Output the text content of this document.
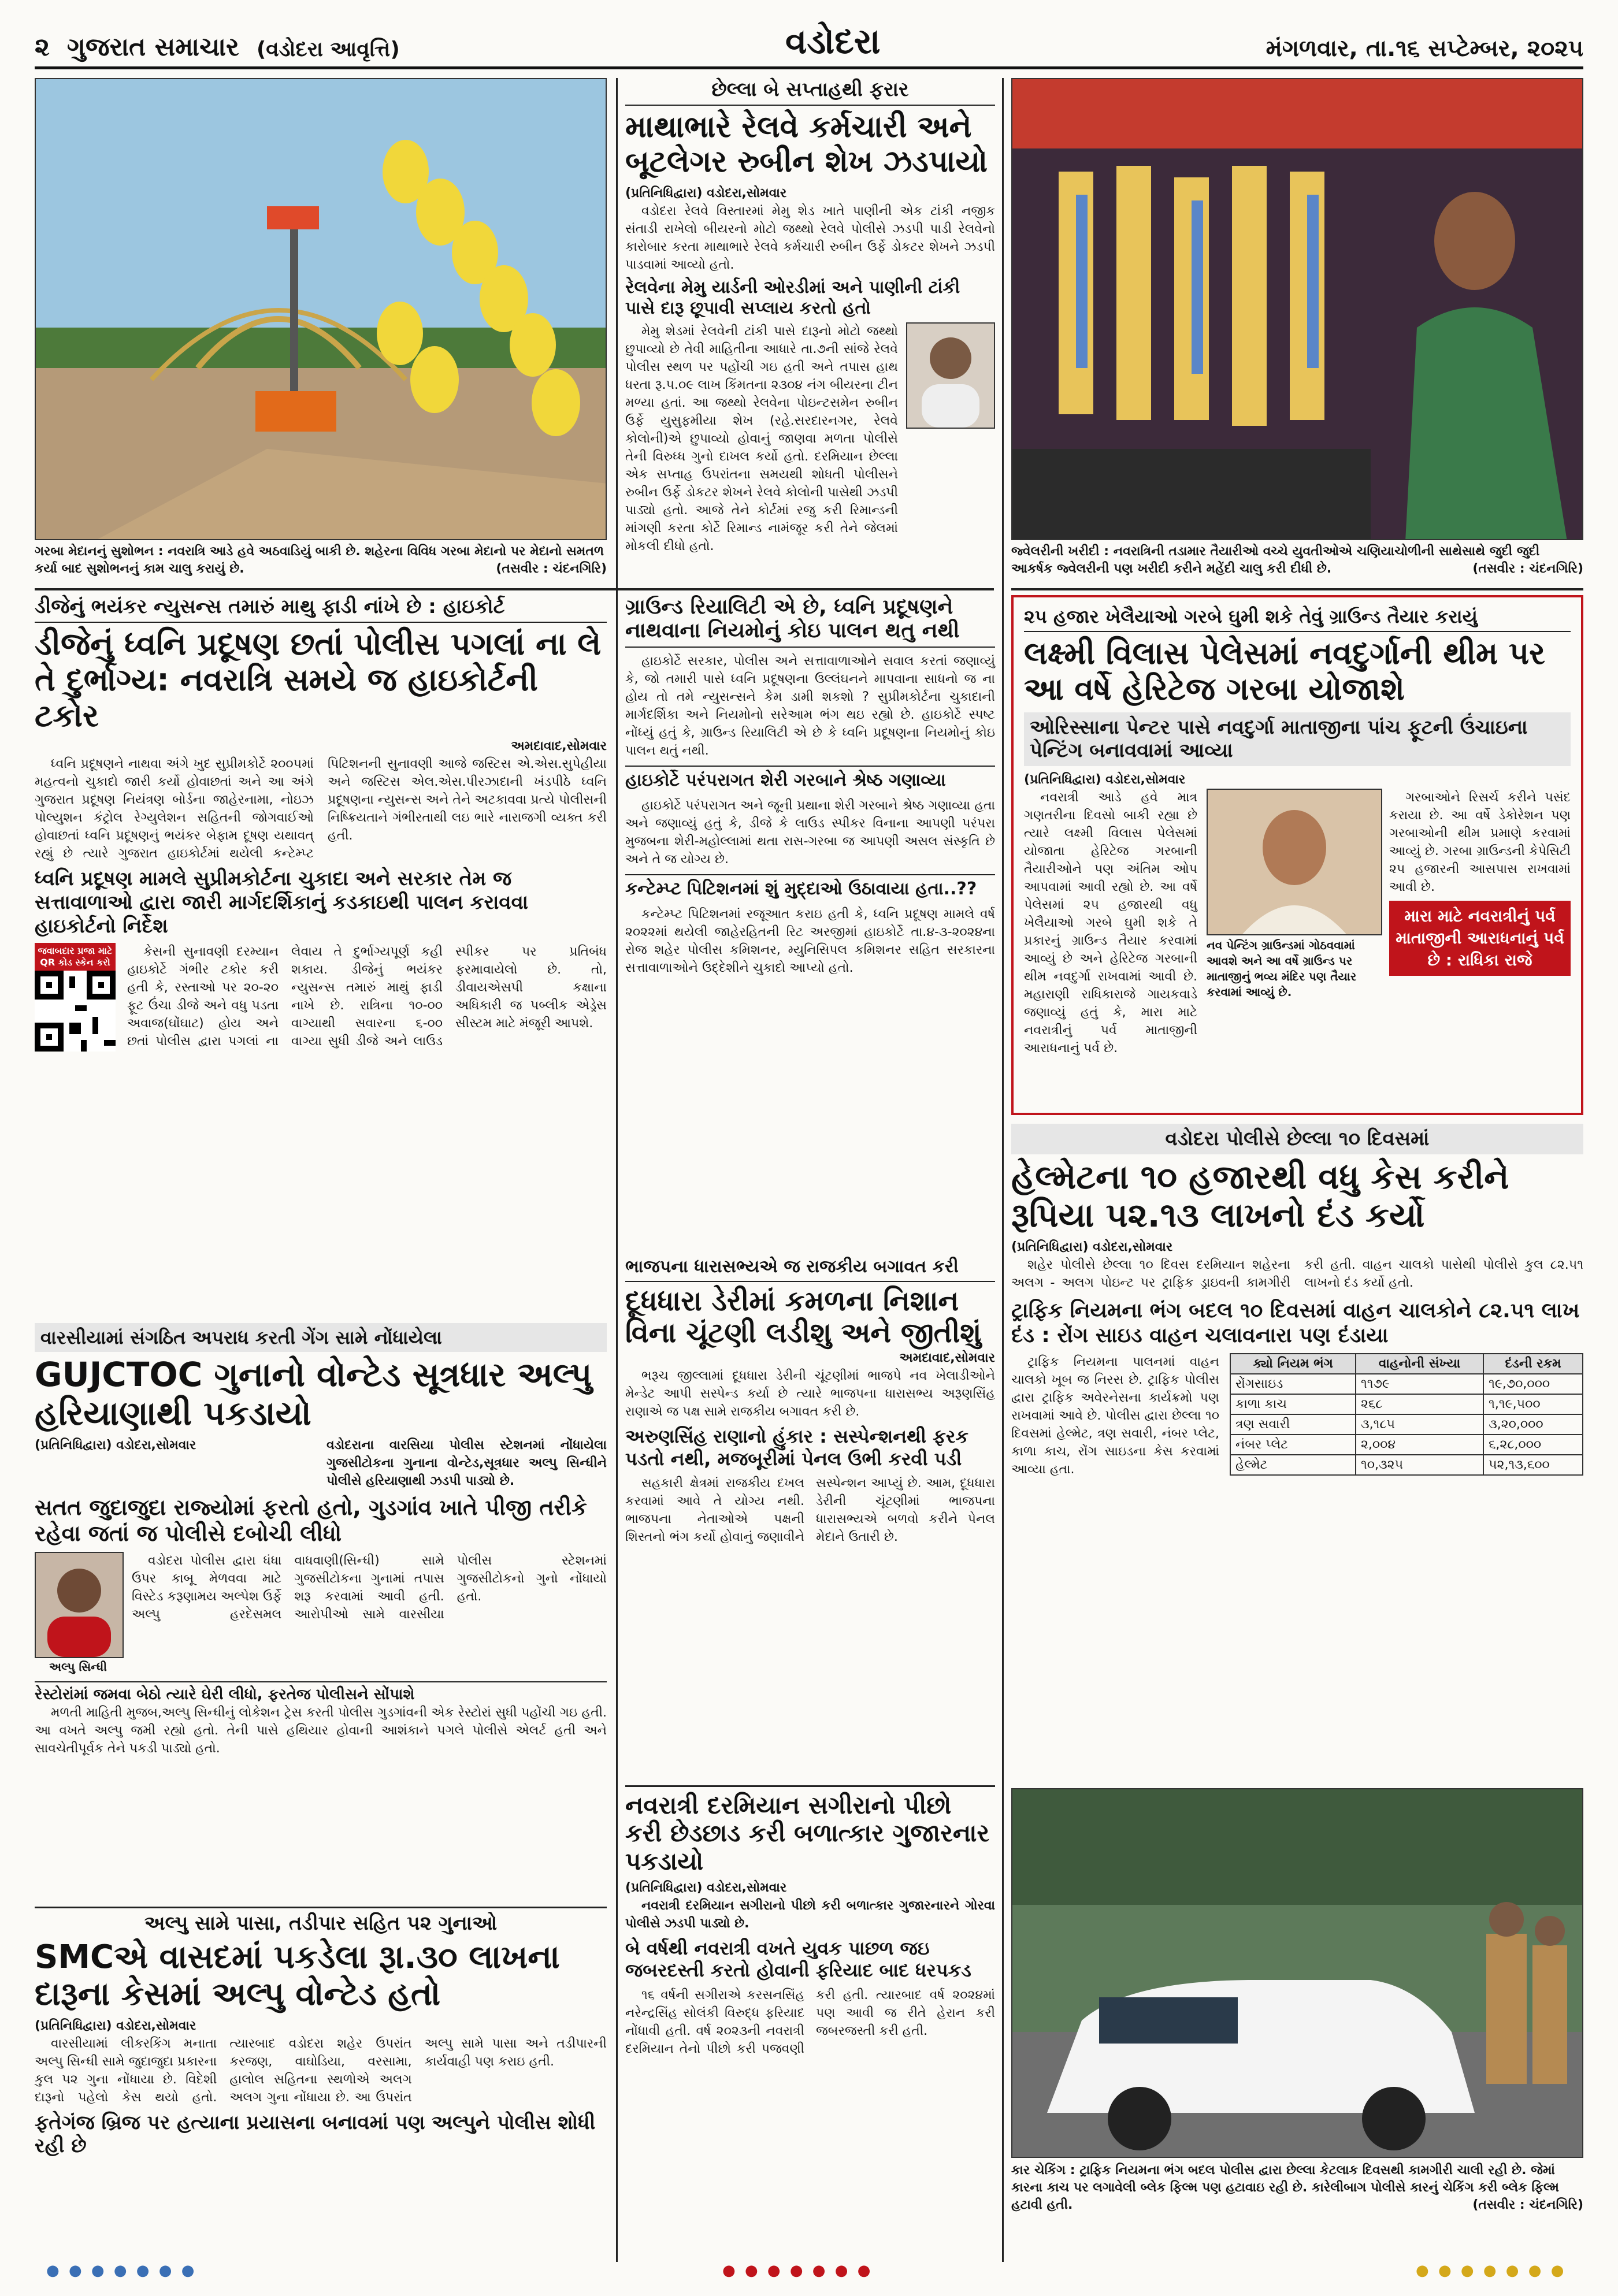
૨ ગુજરાત સમાચાર (વડોદરા આવૃત્તિ)	વડોદરા	મંગળવાર, તા.૧૬ સપ્ટેમ્બર, ૨૦૨૫
ગરબા મેદાનનું સુશોભન : નવરાત્રિ આડે હવે અઠવાડિયું બાકી છે. શહેરના વિવિધ ગરબા મેદાનો પર મેદાનો સમતળ કર્યા બાદ સુશોભનનું કામ ચાલુ કરાયું છે.	(તસવીર : ચંદનગિરિ)
છેલ્લા બે સપ્તાહથી ફરાર
માથાભારે રેલવે કર્મચારી અને બૂટલેગર રુબીન શેખ ઝડપાયો
(પ્રતિનિધિદ્વારા) વડોદરા,સોમવાર

વડોદરા રેલવે વિસ્તારમાં મેમુ શેડ ખાતે પાણીની એક ટાંકી નજીક સંતાડી રાખેલો બીયરનો મોટો જથ્થો રેલવે પોલીસે ઝડપી પાડી રેલવેનો કારોબાર કરતા માથાભારે રેલવે કર્મચારી રુબીન ઉર્ફે ડોકટર શેખને ઝડપી પાડવામાં આવ્યો હતો.

રેલવેના મેમુ યાર્ડની ઓરડીમાં અને પાણીની ટાંકી પાસે દારૂ છૂપાવી સપ્લાય કરતો હતો

મેમુ શેડમાં રેલવેની ટાંકી પાસે દારૂનો મોટો જથ્થો છુપાવ્યો છે તેવી માહિતીના આધારે તા.૭ની સાંજે રેલવે પોલીસ સ્થળ પર પહોંચી ગઇ હતી અને તપાસ હાથ ધરતા રૂ.૫.૦૯ લાખ કિંમતના ૨૩૦૪ નંગ બીયરના ટીન મળ્યા હતાં. આ જથ્થો રેલવેના પોઇન્ટસમેન રુબીન ઉર્ફે યુસુફમીયા શેખ (રહે.સરદારનગર, રેલવે કોલોની)એ છુપાવ્યો હોવાનું જાણવા મળતા પોલીસે તેની વિરુધ્ધ ગુનો દાખલ કર્યો હતો. દરમિયાન છેલ્લા એક સપ્તાહ ઉપરાંતના સમયથી શોધતી પોલીસને રુબીન ઉર્ફે ડોકટર શેખને રેલવે કોલોની પાસેથી ઝડપી પાડ્યો હતો. આજે તેને કોર્ટમાં રજુ કરી રિમાન્ડની માંગણી કરતા કોર્ટે રિમાન્ડ નામંજૂર કરી તેને જેલમાં મોકલી દીધો હતો.	જ્વેલરીની ખરીદી : નવરાત્રિની તડામાર તૈયારીઓ વચ્ચે યુવતીઓએ ચણિયાચોળીની સાથેસાથે જુદી જુદી આકર્ષક જ્વેલરીની પણ ખરીદી કરીને મહેંદી ચાલુ કરી દીધી છે.	(તસવીર : ચંદનગિરિ)
ડીજેનું ભયંકર ન્યુસન્સ તમારું માથુ ફાડી નાંખે છે : હાઇકોર્ટ
ડીજેનું ધ્વનિ પ્રદૂષણ છતાં પોલીસ પગલાં ના લે તે દુર્ભાગ્ય: નવરાત્રિ સમયે જ હાઇકોર્ટની ટકોર
અમદાવાદ,સોમવાર

ધ્વનિ પ્રદૂષણને નાથવા અંગે ખુદ સુપ્રીમકોર્ટે ૨૦૦૫માં મહત્વનો ચુકાદો જારી કર્યો હોવાછતાં અને આ અંગે ગુજરાત પ્રદૂષણ નિયંત્રણ બોર્ડના જાહેરનામા, નોઇઝ પોલ્યુશન કંટ્રોલ રેગ્યુલેશન સહિતની જોગવાઈઓ હોવાછતાં ધ્વનિ પ્રદૂષણનું ભયંકર બેફામ દૂષણ યથાવત્ રહ્યું છે ત્યારે ગુજરાત હાઇકોર્ટમાં થયેલી કન્ટેમ્પ્ટ પિટિશનની સુનાવણી આજે જસ્ટિસ એ.એસ.સુપેહીયા અને જસ્ટિસ એલ.એસ.પીરઝાદાની ખંડપીઠે ધ્વનિ પ્રદૂષણના ન્યુસન્સ અને તેને અટકાવવા પ્રત્યે પોલીસની નિષ્ક્રિયતાને ગંભીરતાથી લઇ ભારે નારાજગી વ્યક્ત કરી હતી.

ધ્વનિ પ્રદૂષણ મામલે સુપ્રીમકોર્ટના ચુકાદા અને સરકાર તેમ જ સત્તાવાળાઓ દ્વારા જારી માર્ગદર્શિકાનું કડકાઇથી પાલન કરાવવા હાઇકોર્ટનો નિર્દેશ
જવાબદાર પ્રજા માટે QR કોડ સ્કેન કરો

કેસની સુનાવણી દરમ્યાન હાઇકોર્ટે ગંભીર ટકોર કરી હતી કે, રસ્તાઓ પર ૨૦-૨૦ ફૂટ ઉંચા ડીજે અને વધુ પડતા અવાજ(ઘોંઘાટ) હોય અને છતાં પોલીસ દ્વારા પગલાં ના લેવાય તે દુર્ભાગ્યપૂર્ણ કહી શકાય. ડીજેનું ભયંકર ન્યુસન્સ તમારું માથું ફાડી નાખે છે. રાત્રિના ૧૦-૦૦ વાગ્યાથી સવારના ૬-૦૦ વાગ્યા સુધી ડીજે અને લાઉડ સ્પીકર પર પ્રતિબંધ ફરમાવાયેલો છે. તો, ડીવાયએસપી કક્ષાના અધિકારી જ પબ્લીક એડ્રેસ સીસ્ટમ માટે મંજૂરી આપશે.

ગ્રાઉન્ડ રિયાલિટી એ છે, ધ્વનિ પ્રદૂષણને નાથવાના નિયમોનું કોઇ પાલન થતુ નથી

હાઇકોર્ટે સરકાર, પોલીસ અને સત્તાવાળાઓને સવાલ કરતાં જણાવ્યું કે, જો તમારી પાસે ધ્વનિ પ્રદૂષણના ઉલ્લંઘનને માપવાના સાધનો જ ના હોય તો તમે ન્યુસન્સને કેમ ડામી શકશો ? સુપ્રીમકોર્ટના ચુકાદાની માર્ગદર્શિકા અને નિયમોનો સરેઆમ ભંગ થઇ રહ્યો છે. હાઇકોર્ટે સ્પષ્ટ નોંધ્યું હતું કે, ગ્રાઉન્ડ રિયાલિટી એ છે કે ધ્વનિ પ્રદૂષણના નિયમોનું કોઇ પાલન થતું નથી.

હાઇકોર્ટે પરંપરાગત શેરી ગરબાને શ્રેષ્ઠ ગણાવ્યા

હાઇકોર્ટે પરંપરાગત અને જૂની પ્રથાના શેરી ગરબાને શ્રેષ્ઠ ગણાવ્યા હતા અને જણાવ્યું હતું કે, ડીજે કે લાઉડ સ્પીકર વિનાના આપણી પરંપરા મુજબના શેરી-મહોલ્લામાં થતા રાસ-ગરબા જ આપણી અસલ સંસ્કૃતિ છે અને તે જ યોગ્ય છે.

કન્ટેમ્પ્ટ પિટિશનમાં શું મુદ્દાઓ ઉઠાવાયા હતા..??

કન્ટેમ્પ્ટ પિટિશનમાં રજૂઆત કરાઇ હતી કે, ધ્વનિ પ્રદૂષણ મામલે વર્ષ ૨૦૨૨માં થયેલી જાહેરહિતની રિટ અરજીમાં હાઇકોર્ટે તા.૪-૩-૨૦૨૪ના રોજ શહેર પોલીસ કમિશનર, મ્યુનિસિપલ કમિશનર સહિત સરકારના સત્તાવાળાઓને ઉદ્દેશીને ચુકાદો આપ્યો હતો.

૨૫ હજાર ખેલૈયાઓ ગરબે ઘુમી શકે તેવું ગ્રાઉન્ડ તૈયાર કરાયું
લક્ષ્મી વિલાસ પેલેસમાં નવદુર્ગાની થીમ પર આ વર્ષે હેરિટેજ ગરબા યોજાશે
ઓરિસ્સાના પેન્ટર પાસે નવદુર્ગા માતાજીના પાંચ ફૂટની ઉંચાઇના પેન્ટિંગ બનાવવામાં આવ્યા
(પ્રતિનિધિદ્વારા) વડોદરા,સોમવાર

નવરાત્રી આડે હવે માત્ર ગણતરીના દિવસો બાકી રહ્યા છે ત્યારે લક્ષ્મી વિલાસ પેલેસમાં યોજાતા હેરિટેજ ગરબાની તૈયારીઓને પણ અંતિમ ઓપ આપવામાં આવી રહ્યો છે. આ વર્ષે પેલેસમાં ૨૫ હજારથી વધુ ખેલૈયાઓ ગરબે ઘુમી શકે તે પ્રકારનું ગ્રાઉન્ડ તૈયાર કરવામાં આવ્યું છે અને હેરિટેજ ગરબાની થીમ નવદુર્ગા રાખવામાં આવી છે. મહારાણી રાધિકારાજે ગાયકવાડે જણાવ્યું હતું કે, મારા માટે નવરાત્રીનું પર્વ માતાજીની આરાધનાનું પર્વ છે.

નવ પેન્ટિંગ ગ્રાઉન્ડમાં ગોઠવવામાં આવશે અને આ વર્ષે ગ્રાઉન્ડ પર માતાજીનું ભવ્ય મંદિર પણ તૈયાર કરવામાં આવ્યું છે.

ગરબાઓને રિસર્ચ કરીને પસંદ કરાયા છે. આ વર્ષે ડેકોરેશન પણ ગરબાઓની થીમ પ્રમાણે કરવામાં આવ્યું છે. ગરબા ગ્રાઉન્ડની કેપેસિટી ૨૫ હજારની આસપાસ રાખવામાં આવી છે.

મારા માટે નવરાત્રીનું પર્વ માતાજીની આરાધનાનું પર્વ છે : રાધિકા રાજે
વડોદરા પોલીસે છેલ્લા ૧૦ દિવસમાં
હેલ્મેટના ૧૦ હજારથી વધુ કેસ કરીને રૂપિયા ૫૨.૧૩ લાખનો દંડ કર્યો
(પ્રતિનિધિદ્વારા) વડોદરા,સોમવાર

શહેર પોલીસે છેલ્લા ૧૦ દિવસ દરમિયાન શહેરના અલગ - અલગ પોઇન્ટ પર ટ્રાફિક ડ્રાઇવની કામગીરી કરી હતી. વાહન ચાલકો પાસેથી પોલીસે કુલ ૮૨.૫૧ લાખનો દંડ કર્યો હતો.

ટ્રાફિક નિયમના ભંગ બદલ ૧૦ દિવસમાં વાહન ચાલકોને ૮૨.૫૧ લાખ દંડ : રોંગ સાઇડ વાહન ચલાવનારા પણ દંડાયા

ટ્રાફિક નિયમના પાલનમાં વાહન ચાલકો ખૂબ જ નિરસ છે. ટ્રાફિક પોલીસ દ્વારા ટ્રાફિક અવેરનેસના કાર્યક્રમો પણ રાખવામાં આવે છે. પોલીસ દ્વારા છેલ્લા ૧૦ દિવસમાં હેલ્મેટ, ત્રણ સવારી, નંબર પ્લેટ, કાળા કાચ, રોંગ સાઇડના કેસ કરવામાં આવ્યા હતા.

ક્યો નિયમ ભંગ	વાહનોની સંખ્યા	દંડની રકમ
રોંગસાઇડ	૧૧૭૯	૧૯,૭૦,૦૦૦
કાળા કાચ	૨૬૮	૧,૧૯,૫૦૦
ત્રણ સવારી	૩,૧૮૫	૩,૨૦,૦૦૦
નંબર પ્લેટ	૨,૦૦૪	૬,૨૮,૦૦૦
હેલ્મેટ	૧૦,૩૨૫	૫૨,૧૩,૬૦૦
કાર ચેકિંગ : ટ્રાફિક નિયમના ભંગ બદલ પોલીસ દ્વારા છેલ્લા કેટલાક દિવસથી કામગીરી ચાલી રહી છે. જેમાં કારના કાચ પર લગાવેલી બ્લેક ફિલ્મ પણ હટાવાઇ રહી છે. કારેલીબાગ પોલીસે કારનું ચેકિંગ કરી બ્લેક ફિલ્મ હટાવી હતી.	(તસવીર : ચંદનગિરિ)
વારસીયામાં સંગઠિત અપરાધ કરતી ગેંગ સામે નોંધાયેલા
GUJCTOC ગુનાનો વોન્ટેડ સૂત્રધાર અલ્પુ હરિયાણાથી પકડાયો
(પ્રતિનિધિદ્વારા) વડોદરા,સોમવાર	વડોદરાના વારસિયા પોલીસ સ્ટેશનમાં નોંધાયેલા ગુજસીટોકના ગુનાના વોન્ટેડ,સૂત્રધાર અલ્પુ સિન્ધીને પોલીસે હરિયાણાથી ઝડપી પાડ્યો છે.
સતત જુદાજુદા રાજ્યોમાં ફરતો હતો, ગુડગાંવ ખાતે પીજી તરીકે રહેવા જતાં જ પોલીસે દબોચી લીધો
અલ્પુ સિન્ધી

વડોદરા પોલીસ દ્વારા ધંધા ઉપર કાબૂ મેળવવા માટે વિસ્ટેડ કરૂણામય અલ્પેશ ઉર્ફે અલ્પુ હરદેસમલ વાધવાણી(સિન્ધી) સામે ગુજસીટોકના ગુનામાં તપાસ શરૂ કરવામાં આવી હતી. આરોપીઓ સામે વારસીયા પોલીસ સ્ટેશનમાં ગુજસીટોકનો ગુનો નોંધાયો હતો.

રેસ્ટોરાંમાં જમવા બેઠો ત્યારે ઘેરી લીધો, ફરતેજ પોલીસને સોંપાશે

મળતી માહિતી મુજબ,અલ્પુ સિન્ધીનું લોકેશન ટ્રેસ કરતી પોલીસ ગુડગાંવની એક રેસ્ટોરાં સુધી પહોંચી ગઇ હતી. આ વખતે અલ્પુ જમી રહ્યો હતો. તેની પાસે હથિયાર હોવાની આશંકાને પગલે પોલીસે એલર્ટ હતી અને સાવચેતીપૂર્વક તેને પકડી પાડ્યો હતો.

ભાજપના ધારાસભ્યએ જ રાજકીય બગાવત કરી
દૂધધારા ડેરીમાં કમળના નિશાન વિના ચૂંટણી લડીશુ અને જીતીશું
અમદાવાદ,સોમવાર

ભરૂચ જીલ્લામાં દૂધધારા ડેરીની ચૂંટણીમાં ભાજપે નવ ખેલાડીઓને મેન્ડેટ આપી સસ્પેન્ડ કર્યા છે ત્યારે ભાજપના ધારાસભ્ય અરૂણસિંહ રાણાએ જ પક્ષ સામે રાજકીય બગાવત કરી છે.

અરુણસિંહ રાણાનો હુંકાર : સસ્પેન્શનથી ફરક પડતો નથી, મજબૂરીમાં પેનલ ઉભી કરવી પડી

સહકારી ક્ષેત્રમાં રાજકીય દખલ કરવામાં આવે તે યોગ્ય નથી. ભાજપના નેતાઓએ પક્ષની શિસ્તનો ભંગ કર્યો હોવાનું જણાવીને સસ્પેન્શન આપ્યું છે. આમ, દૂધધારા ડેરીની ચૂંટણીમાં ભાજપના ધારાસભ્યએ બળવો કરીને પેનલ મેદાને ઉતારી છે.

નવરાત્રી દરમિયાન સગીરાનો પીછો કરી છેડછાડ કરી બળાત્કાર ગુજારનાર પકડાયો
(પ્રતિનિધિદ્વારા) વડોદરા,સોમવાર

નવરાત્રી દરમિયાન સગીરાનો પીછો કરી બળાત્કાર ગુજારનારને ગોરવા પોલીસે ઝડપી પાડ્યો છે.

બે વર્ષથી નવરાત્રી વખતે યુવક પાછળ જઇ જબરદસ્તી કરતો હોવાની ફરિયાદ બાદ ધરપકડ

૧૬ વર્ષની સગીરાએ કરસનસિંહ નરેન્દ્રસિંહ સોલંકી વિરુદ્ધ ફરિયાદ નોંધાવી હતી. વર્ષ ૨૦૨૩ની નવરાત્રી દરમિયાન તેનો પીછો કરી પજવણી કરી હતી. ત્યારબાદ વર્ષ ૨૦૨૪માં પણ આવી જ રીતે હેરાન કરી જબરજસ્તી કરી હતી.

અલ્પુ સામે પાસા, તડીપાર સહિત ૫૨ ગુનાઓ
SMCએ વાસદમાં પકડેલા રૂા.૩૦ લાખના દારૂના કેસમાં અલ્પુ વોન્ટેડ હતો
(પ્રતિનિધિદ્વારા) વડોદરા,સોમવાર

વારસીયામાં લીકરકિંગ મનાતા અલ્પુ સિન્ધી સામે જુદાજુદા પ્રકારના કુલ ૫૨ ગુના નોંધાયા છે. વિદેશી દારૂનો પહેલો કેસ થયો હતો. ત્યારબાદ વડોદરા શહેર ઉપરાંત કરજણ, વાઘોડિયા, વરસામા, હાલોલ સહિતના સ્થળોએ અલગ અલગ ગુના નોંધાયા છે. આ ઉપરાંત અલ્પુ સામે પાસા અને તડીપારની કાર્યવાહી પણ કરાઇ હતી.

ફતેગંજ બ્રિજ પર હત્યાના પ્રયાસના બનાવમાં પણ અલ્પુને પોલીસ શોધી રહી છે
● ● ● ● ● ● ●	● ● ● ● ● ● ●	● ● ● ● ● ● ●
